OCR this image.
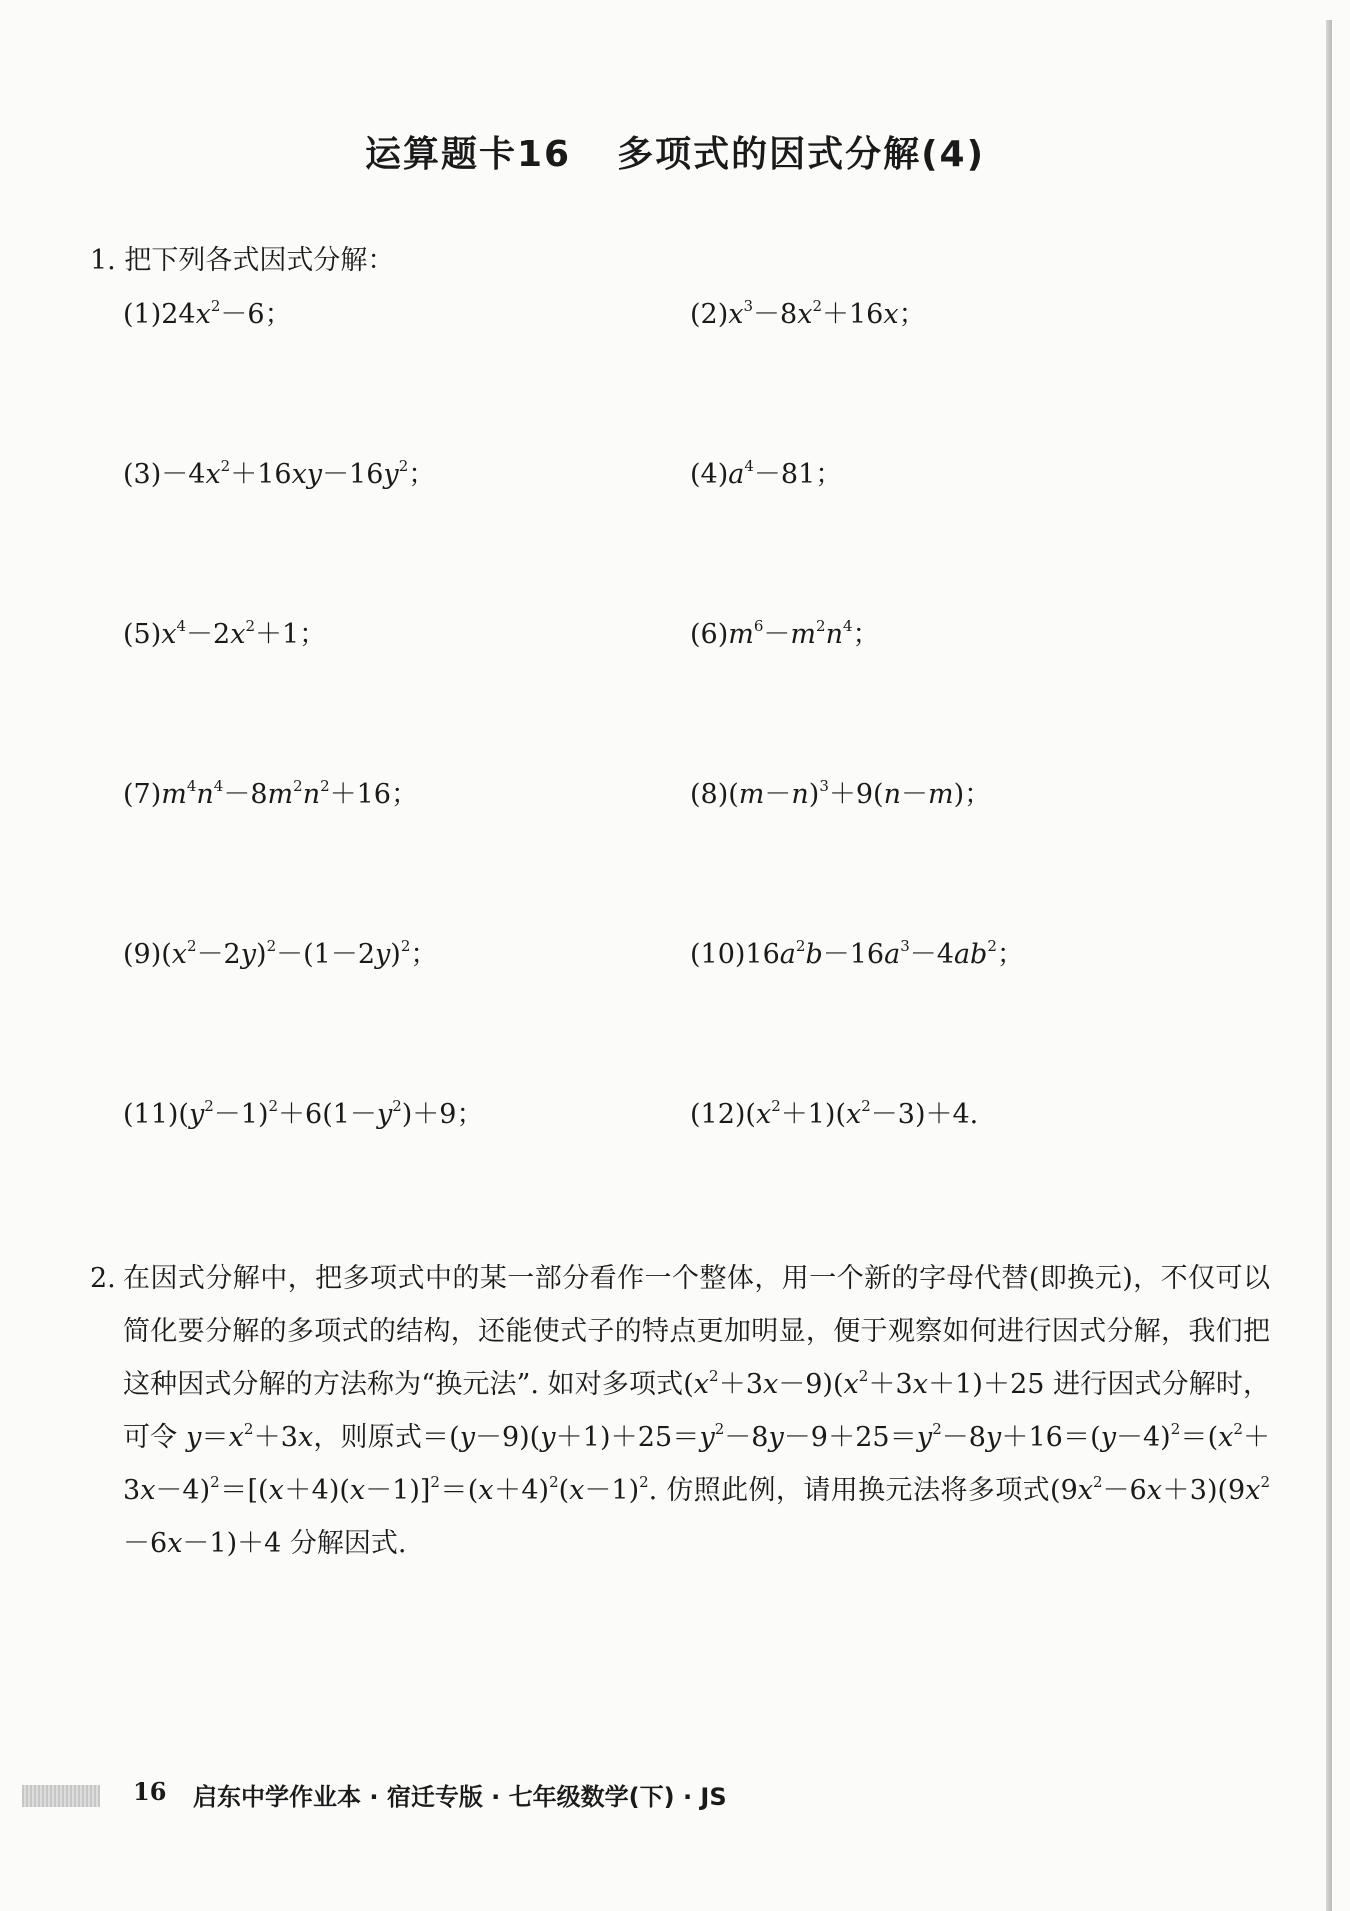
运算题卡16 多项式的因式分解(4)
1. 把下列各式因式分解：
$(1)24x^2-6$；	$(2)x^3-8x^2+16x$；
$(3)-4x^2+16xy-16y^2$；	$(4)a^4-81$；
$(5)x^4-2x^2+1$；	$(6)m^6-m^2n^4$；
$(7)m^4n^4-8m^2n^2+16$；	$(8)(m-n)^3+9(n-m)$；
$(9)(x^2-2y)^2-(1-2y)^2$；	$(10)16a^2b-16a^3-4ab^2$；
$(11)(y^2-1)^2+6(1-y^2)+9$；	$(12)(x^2+1)(x^2-3)+4$.
2. 在因式分解中，把多项式中的某一部分看作一个整体，用一个新的字母代替(即换元)，不仅可以简化要分解的多项式的结构，还能使式子的特点更加明显，便于观察如何进行因式分解，我们把这种因式分解的方法称为“换元法”. 如对多项式$(x^2+3x-9)(x^2+3x+1)+25$ 进行因式分解时，可令 $y=x^2+3x$，则原式$=(y-9)(y+1)+25=y^2-8y-9+25=y^2-8y+16=(y-4)^2=(x^2+3x-4)^2=[(x+4)(x-1)]^2=(x+4)^2(x-1)^2$. 仿照此例，请用换元法将多项式$(9x^2-6x+3)(9x^2-6x-1)+4$ 分解因式.
16 启东中学作业本 · 宿迁专版 · 七年级数学(下) · JS
